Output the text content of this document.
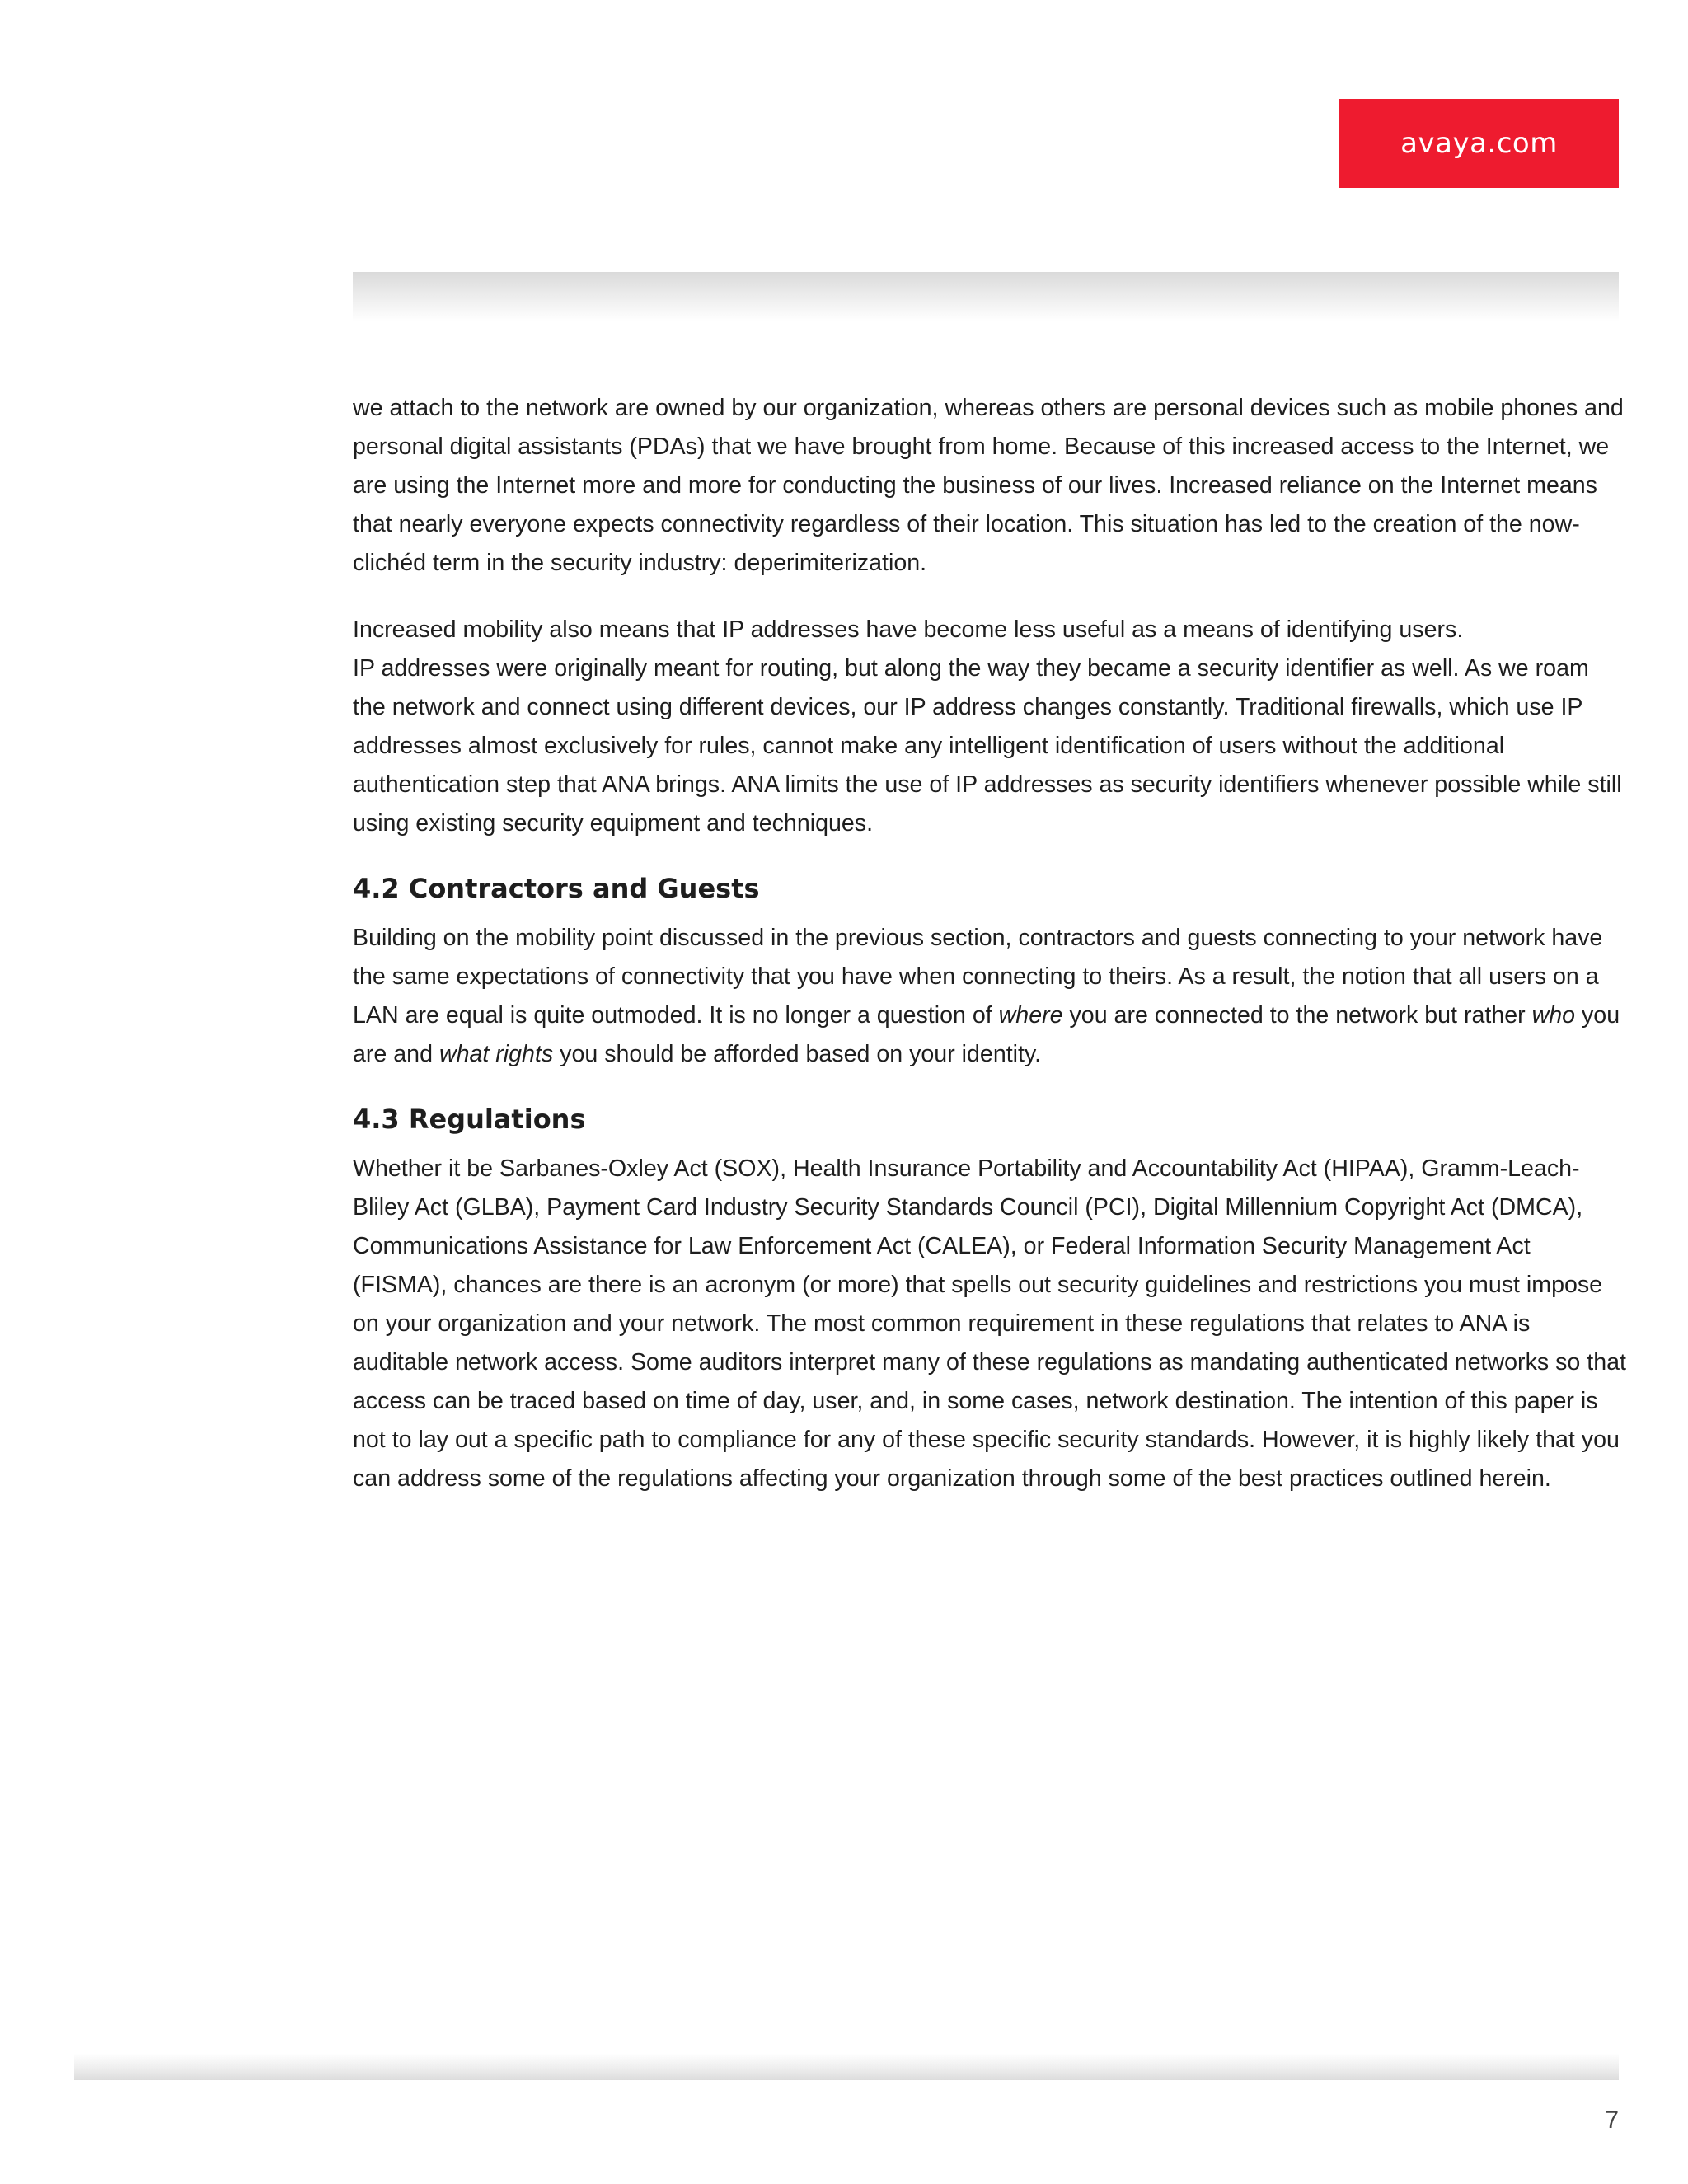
avaya.com

we attach to the network are owned by our organization, whereas others are personal devices such as mobile phones and personal digital assistants (PDAs) that we have brought from home. Because of this increased access to the Internet, we are using the Internet more and more for conducting the business of our lives. Increased reliance on the Internet means that nearly everyone expects connectivity regardless of their location. This situation has led to the creation of the now-clichéd term in the security industry: deperimiterization.

Increased mobility also means that IP addresses have become less useful as a means of identifying users.
IP addresses were originally meant for routing, but along the way they became a security identifier as well. As we roam the network and connect using different devices, our IP address changes constantly. Traditional firewalls, which use IP addresses almost exclusively for rules, cannot make any intelligent identification of users without the additional authentication step that ANA brings. ANA limits the use of IP addresses as security identifiers whenever possible while still using existing security equipment and techniques.

4.2 Contractors and Guests

Building on the mobility point discussed in the previous section, contractors and guests connecting to your network have the same expectations of connectivity that you have when connecting to theirs. As a result, the notion that all users on a LAN are equal is quite outmoded. It is no longer a question of where you are connected to the network but rather who you are and what rights you should be afforded based on your identity.

4.3 Regulations

Whether it be Sarbanes-Oxley Act (SOX), Health Insurance Portability and Accountability Act (HIPAA), Gramm-Leach-Bliley Act (GLBA), Payment Card Industry Security Standards Council (PCI), Digital Millennium Copyright Act (DMCA), Communications Assistance for Law Enforcement Act (CALEA), or Federal Information Security Management Act (FISMA), chances are there is an acronym (or more) that spells out security guidelines and restrictions you must impose on your organization and your network. The most common requirement in these regulations that relates to ANA is auditable network access. Some auditors interpret many of these regulations as mandating authenticated networks so that access can be traced based on time of day, user, and, in some cases, network destination. The intention of this paper is not to lay out a specific path to compliance for any of these specific security standards. However, it is highly likely that you can address some of the regulations affecting your organization through some of the best practices outlined herein.

7
